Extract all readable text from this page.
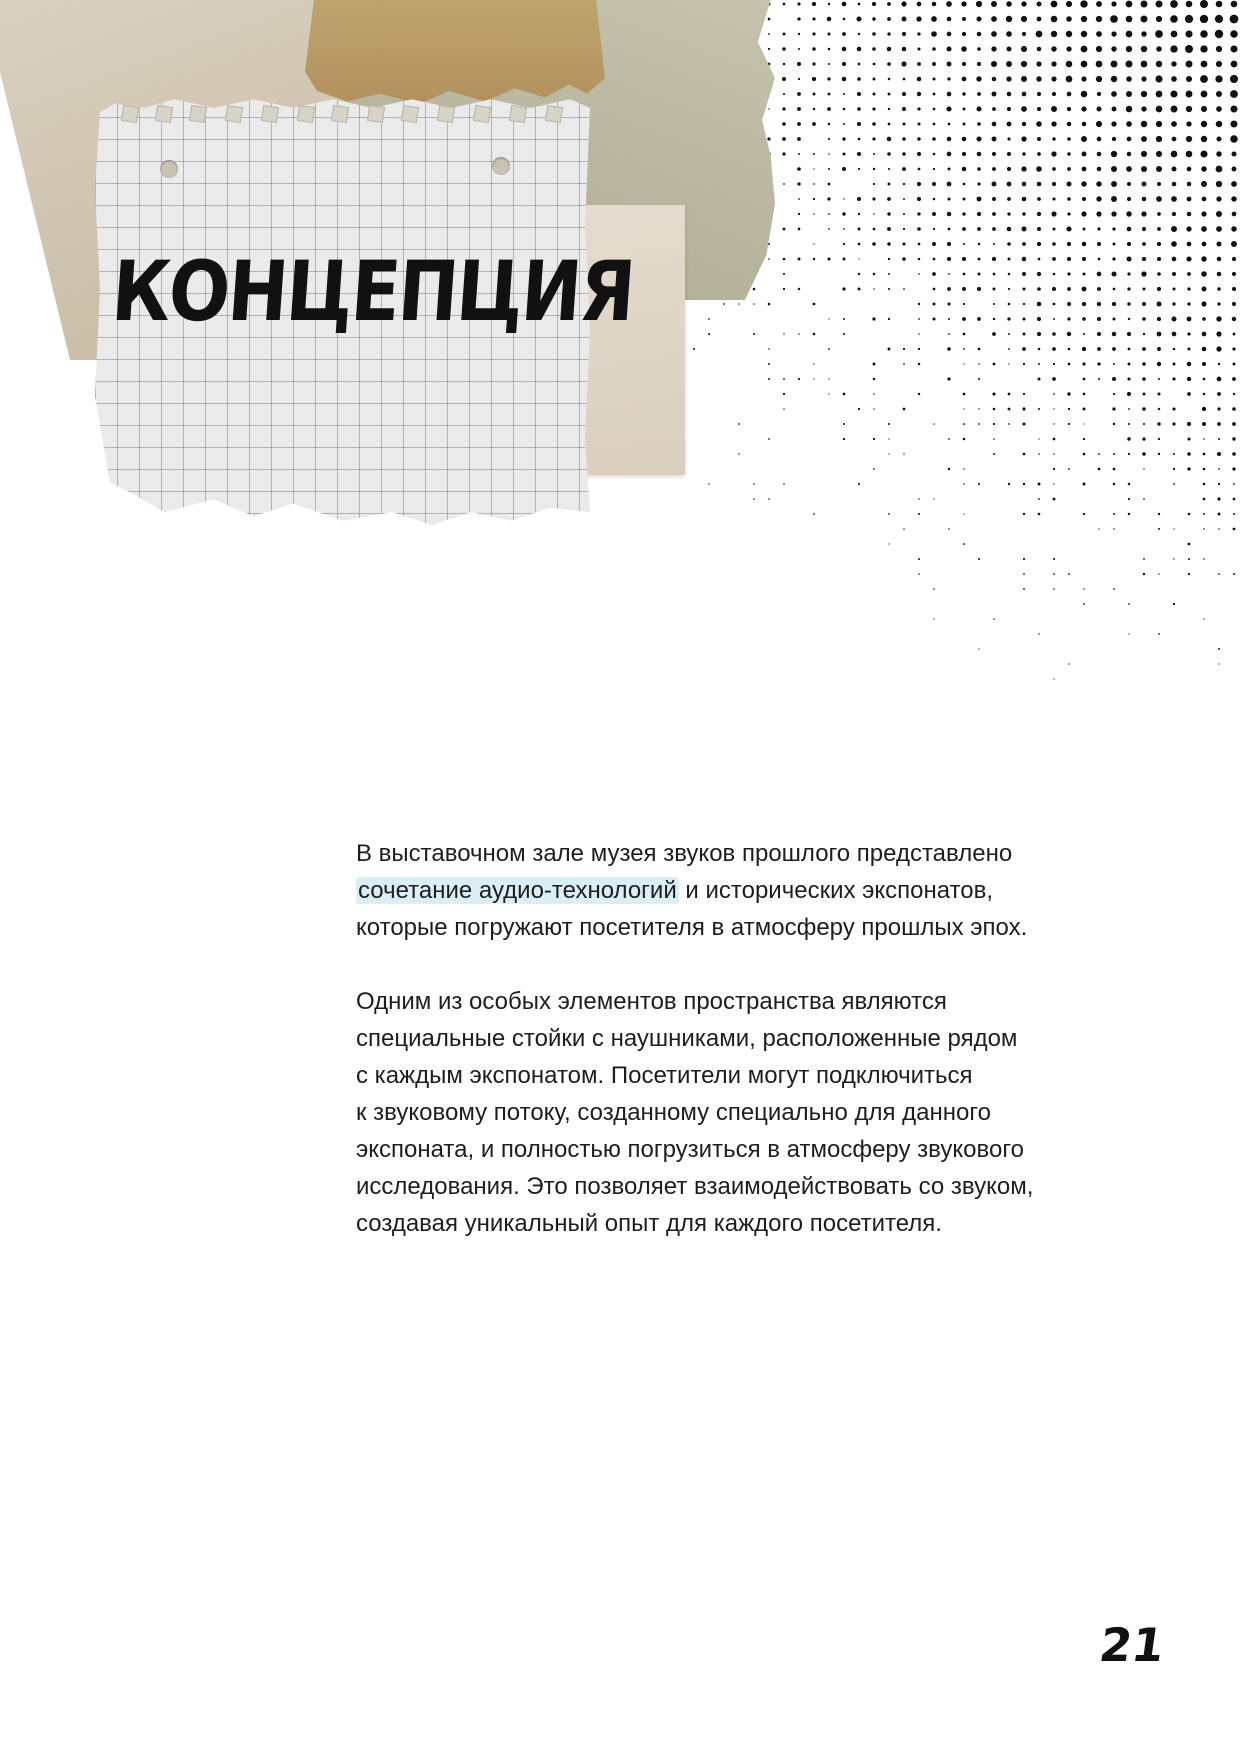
КОНЦЕПЦИЯ

В выставочном зале музея звуков прошлого представлено
сочетание аудио-технологий и исторических экспонатов,
которые погружают посетителя в атмосферу прошлых эпох.

Одним из особых элементов пространства являются
специальные стойки с наушниками, расположенные рядом
с каждым экспонатом. Посетители могут подключиться
к звуковому потоку, созданному специально для данного
экспоната, и полностью погрузиться в атмосферу звукового
исследования. Это позволяет взаимодействовать со звуком,
создавая уникальный опыт для каждого посетителя.

21
